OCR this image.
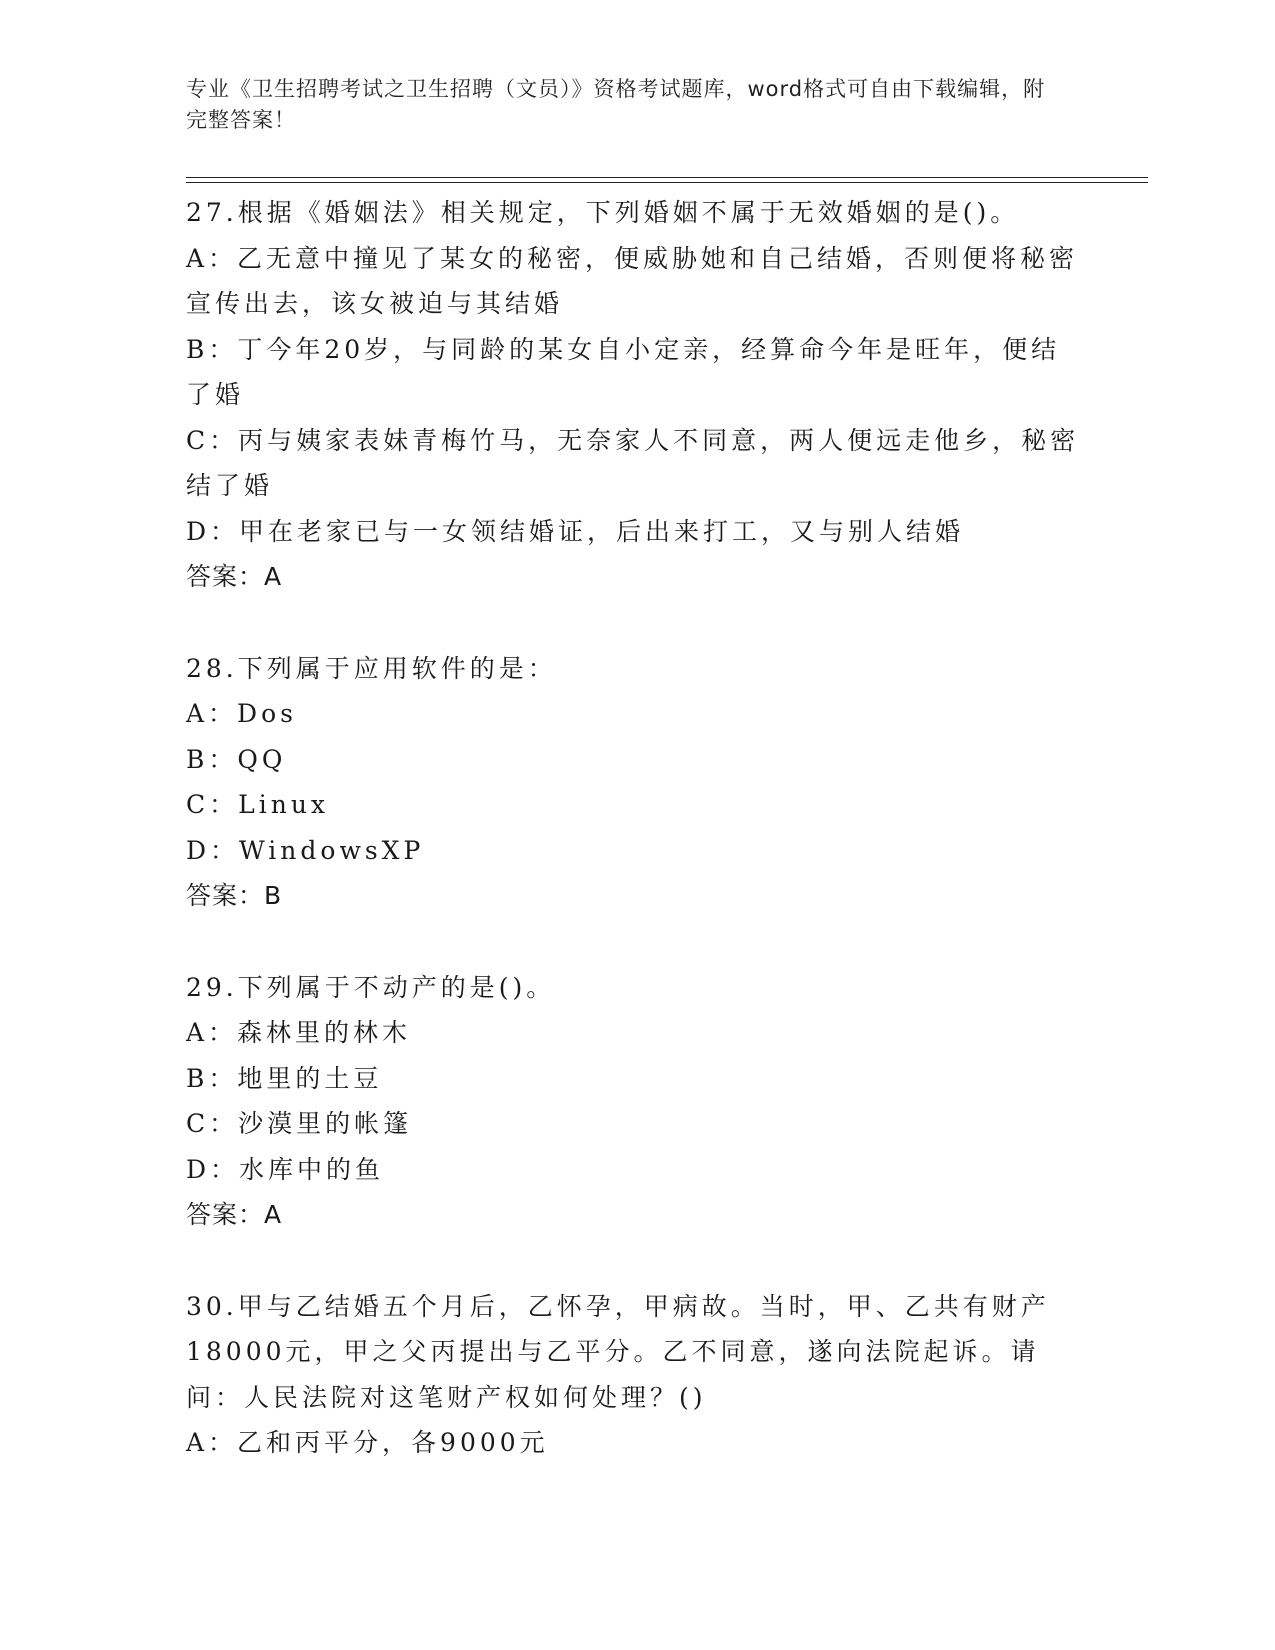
专业《卫生招聘考试之卫生招聘（文员）》资格考试题库，word格式可自由下载编辑，附完整答案！
27.根据《婚姻法》相关规定，下列婚姻不属于无效婚姻的是()。
A：乙无意中撞见了某女的秘密，便威胁她和自己结婚，否则便将秘密宣传出去，该女被迫与其结婚
B：丁今年20岁，与同龄的某女自小定亲，经算命今年是旺年，便结了婚
C：丙与姨家表妹青梅竹马，无奈家人不同意，两人便远走他乡，秘密结了婚
D：甲在老家已与一女领结婚证，后出来打工，又与别人结婚
答案：A
28.下列属于应用软件的是：
A：Dos
B：QQ
C：Linux
D：WindowsXP
答案：B
29.下列属于不动产的是()。
A：森林里的林木
B：地里的土豆
C：沙漠里的帐篷
D：水库中的鱼
答案：A
30.甲与乙结婚五个月后，乙怀孕，甲病故。当时，甲、乙共有财产18000元，甲之父丙提出与乙平分。乙不同意，遂向法院起诉。请问：人民法院对这笔财产权如何处理？()
A：乙和丙平分，各9000元
